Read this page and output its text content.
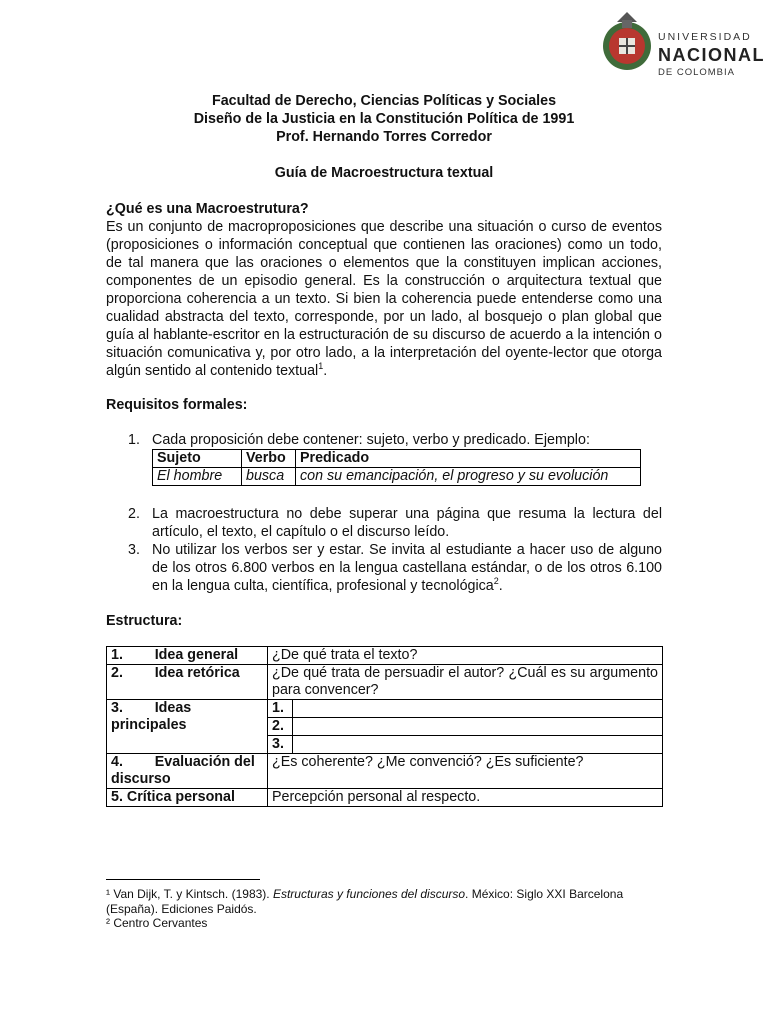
UNIVERSIDAD
NACIONAL
DE COLOMBIA
Facultad de Derecho, Ciencias Políticas y Sociales
Diseño de la Justicia en la Constitución Política de 1991
Prof. Hernando Torres Corredor
Guía de Macroestructura textual
¿Qué es una Macroestrutura?
Es un conjunto de macroproposiciones que describe una situación o curso de eventos (proposiciones o información conceptual que contienen las oraciones) como un todo, de tal manera que las oraciones o elementos que la constituyen implican acciones, componentes de un episodio general. Es la construcción o arquitectura textual que proporciona coherencia a un texto. Si bien la coherencia puede entenderse como una cualidad abstracta del texto, corresponde, por un lado, al bosquejo o plan global que guía al hablante-escritor en la estructuración de su discurso de acuerdo a la intención o situación comunicativa y, por otro lado, a la interpretación del oyente-lector que otorga algún sentido al contenido textual$^1$.
Requisitos formales:
1. Cada proposición debe contener: sujeto, verbo y predicado. Ejemplo:
Sujeto	Verbo	Predicado
El hombre	busca	con su emancipación, el progreso y su evolución
2. La macroestructura no debe superar una página que resuma la lectura del artículo, el texto, el capítulo o el discurso leído.
3. No utilizar los verbos ser y estar. Se invita al estudiante a hacer uso de alguno de los otros 6.800 verbos en la lengua castellana estándar, o de los otros 6.100 en la lengua culta, científica, profesional y tecnológica$^2$.
Estructura:
1.        Idea general	¿De qué trata el texto?	
2.        Idea retórica	¿De qué trata de persuadir el autor? ¿Cuál es su argumento para convencer?	
3.        Ideas principales	1.	
	2.	
	3.	
4.        Evaluación del discurso	¿Es coherente? ¿Me convenció? ¿Es suficiente?	
5. Crítica personal	Percepción personal al respecto.	
¹ Van Dijk, T. y Kintsch. (1983). Estructuras y funciones del discurso. México: Siglo XXI Barcelona (España). Ediciones Paidós.
² Centro Cervantes
